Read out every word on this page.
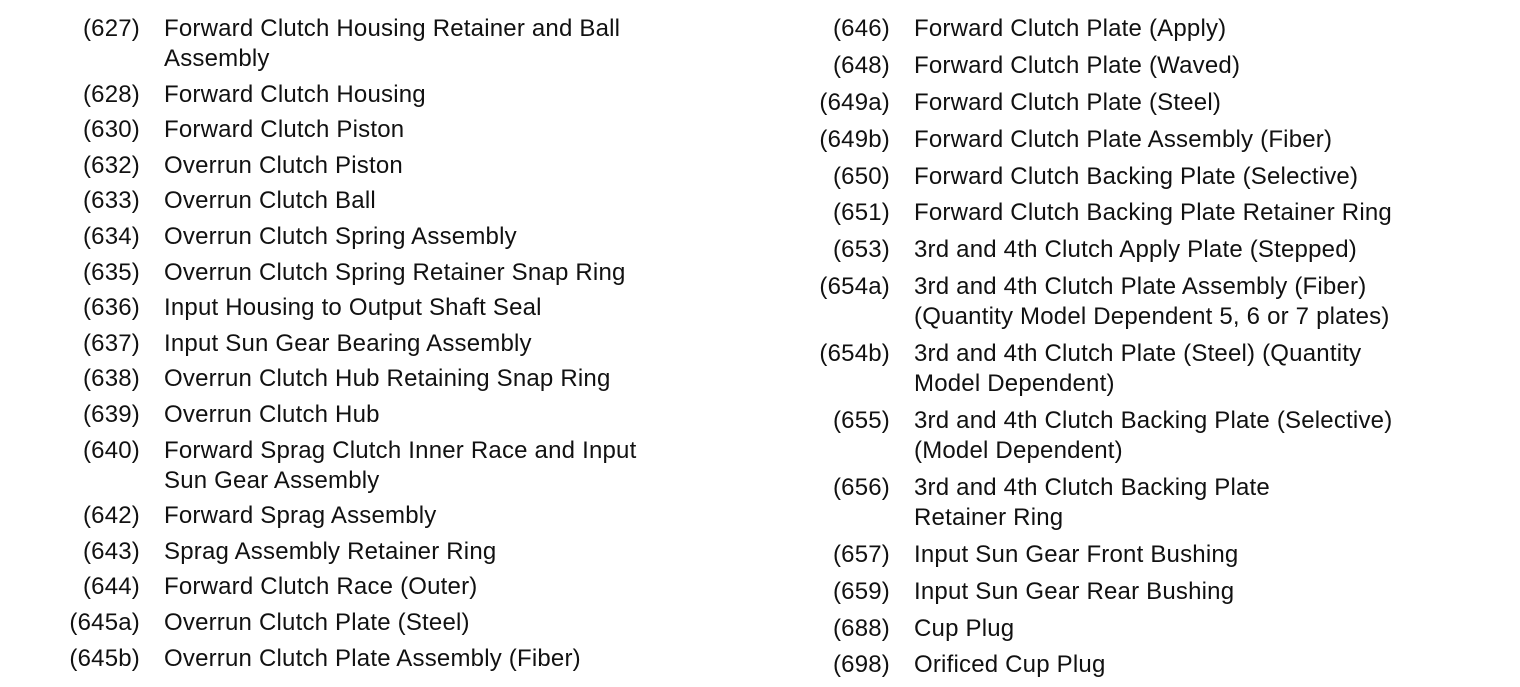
(627)	Forward Clutch Housing Retainer and Ball
Assembly
(628)	Forward Clutch Housing
(630)	Forward Clutch Piston
(632)	Overrun Clutch Piston
(633)	Overrun Clutch Ball
(634)	Overrun Clutch Spring Assembly
(635)	Overrun Clutch Spring Retainer Snap Ring
(636)	Input Housing to Output Shaft Seal
(637)	Input Sun Gear Bearing Assembly
(638)	Overrun Clutch Hub Retaining Snap Ring
(639)	Overrun Clutch Hub
(640)	Forward Sprag Clutch Inner Race and Input
Sun Gear Assembly
(642)	Forward Sprag Assembly
(643)	Sprag Assembly Retainer Ring
(644)	Forward Clutch Race (Outer)
(645a)	Overrun Clutch Plate (Steel)
(645b)	Overrun Clutch Plate Assembly (Fiber)
(646)	Forward Clutch Plate (Apply)
(648)	Forward Clutch Plate (Waved)
(649a)	Forward Clutch Plate (Steel)
(649b)	Forward Clutch Plate Assembly (Fiber)
(650)	Forward Clutch Backing Plate (Selective)
(651)	Forward Clutch Backing Plate Retainer Ring
(653)	3rd and 4th Clutch Apply Plate (Stepped)
(654a)	3rd and 4th Clutch Plate Assembly (Fiber)
(Quantity Model Dependent 5, 6 or 7 plates)
(654b)	3rd and 4th Clutch Plate (Steel) (Quantity
Model Dependent)
(655)	3rd and 4th Clutch Backing Plate (Selective)
(Model Dependent)
(656)	3rd and 4th Clutch Backing Plate
Retainer Ring
(657)	Input Sun Gear Front Bushing
(659)	Input Sun Gear Rear Bushing
(688)	Cup Plug
(698)	Orificed Cup Plug
